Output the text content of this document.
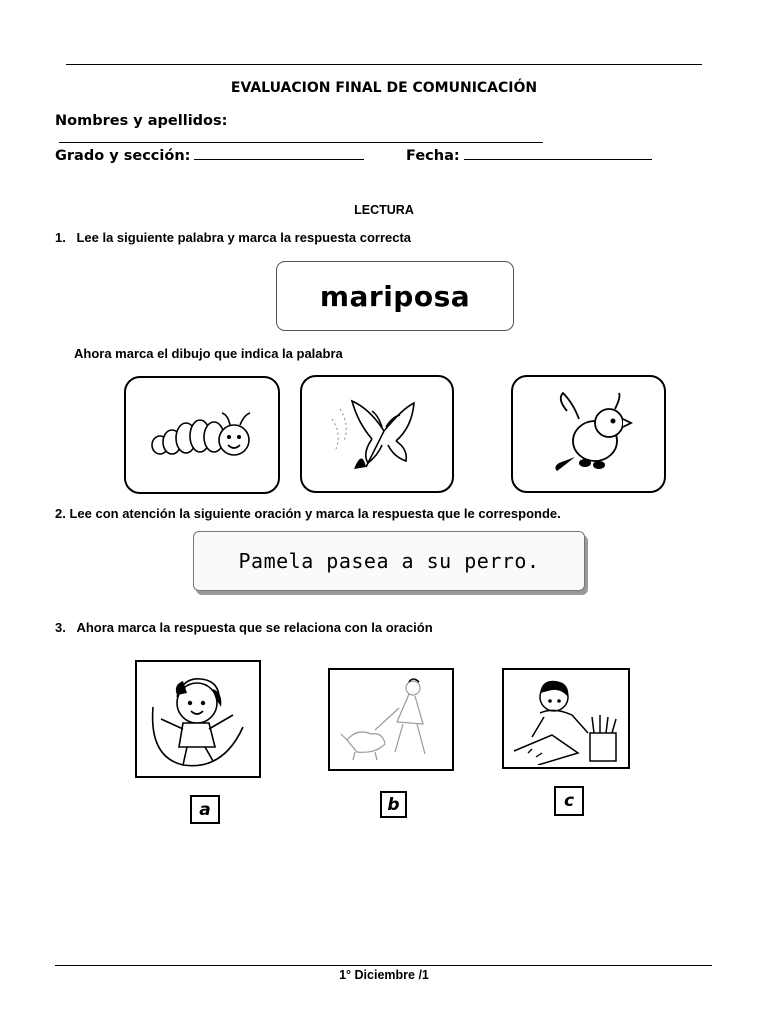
EVALUACION FINAL DE COMUNICACIÓN
Nombres y apellidos:
Grado y sección:	Fecha:
LECTURA
1. Lee la siguiente palabra y marca la respuesta correcta
mariposa
Ahora marca el dibujo que indica la palabra
2. Lee con atención la siguiente oración y marca la respuesta que le corresponde.
Pamela pasea a su perro.
3. Ahora marca la respuesta que se relaciona con la oración
a	b	c
1° Diciembre /1
